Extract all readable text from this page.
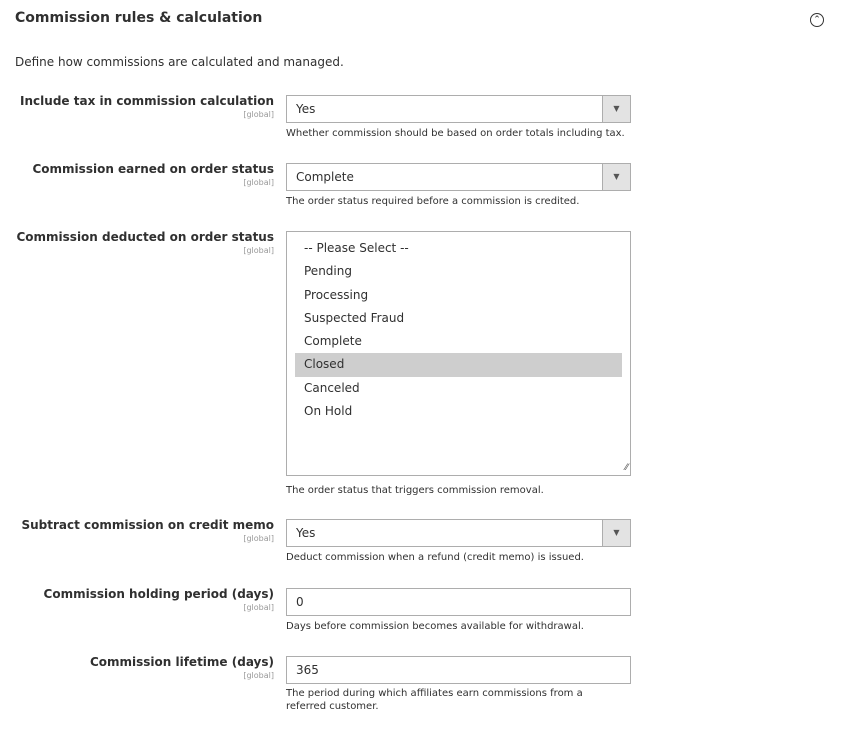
Commission rules & calculation	⌃
Define how commissions are calculated and managed.
Include tax in commission calculation
[global]	Yes	▼
Whether commission should be based on order totals including tax.
Commission earned on order status
[global]	Complete	▼
The order status required before a commission is credited.
Commission deducted on order status
[global]	-- Please Select --
Pending
Processing
Suspected Fraud
Complete
Closed
Canceled
On Hold
⁄⁄
The order status that triggers commission removal.
Subtract commission on credit memo
[global]	Yes	▼
Deduct commission when a refund (credit memo) is issued.
Commission holding period (days)
[global]	0
Days before commission becomes available for withdrawal.
Commission lifetime (days)
[global]	365
The period during which affiliates earn commissions from a referred customer.
